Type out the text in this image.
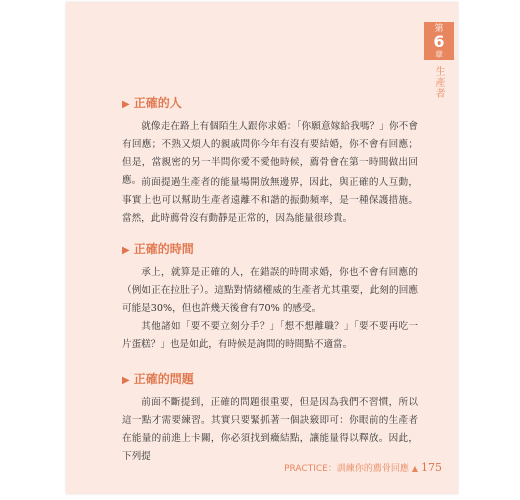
第
6
章
生產者
▶ 正確的人

就像走在路上有個陌生人跟你求婚：「你願意嫁給我嗎？」你不會有回應；不熟又煩人的親戚問你今年有沒有要結婚，你不會有回應；但是，當親密的另一半問你愛不愛他時候，薦骨會在第一時間做出回應。 前面提過生產者的能量場開放無邊界，因此，與正確的人互動，事實上也可以幫助生產者遠離不和諧的振動頻率，是一種保護措施。當然，此時薦骨沒有動靜是正常的，因為能量很珍貴。

▶ 正確的時間

承上，就算是正確的人，在錯誤的時間求婚，你也不會有回應的（例如正在拉肚子）。這點對情緒權威的生產者尤其重要，此刻的回應可能是30%，但也許幾天後會有70% 的感受。

其他諸如「要不要立刻分手？」「想不想離職？」「要不要再吃一片蛋糕？」也是如此，有時候是詢問的時間點不適當。

▶ 正確的問題

前面不斷提到，正確的問題很重要，但是因為我們不習慣，所以這一點才需要練習。其實只要緊抓著一個訣竅即可：你眼前的生產者在能量的前進上卡關，你必須找到癥結點，讓能量得以釋放。因此，下列提

PRACTICE：訓練你的薦骨回應 ▲ 175
